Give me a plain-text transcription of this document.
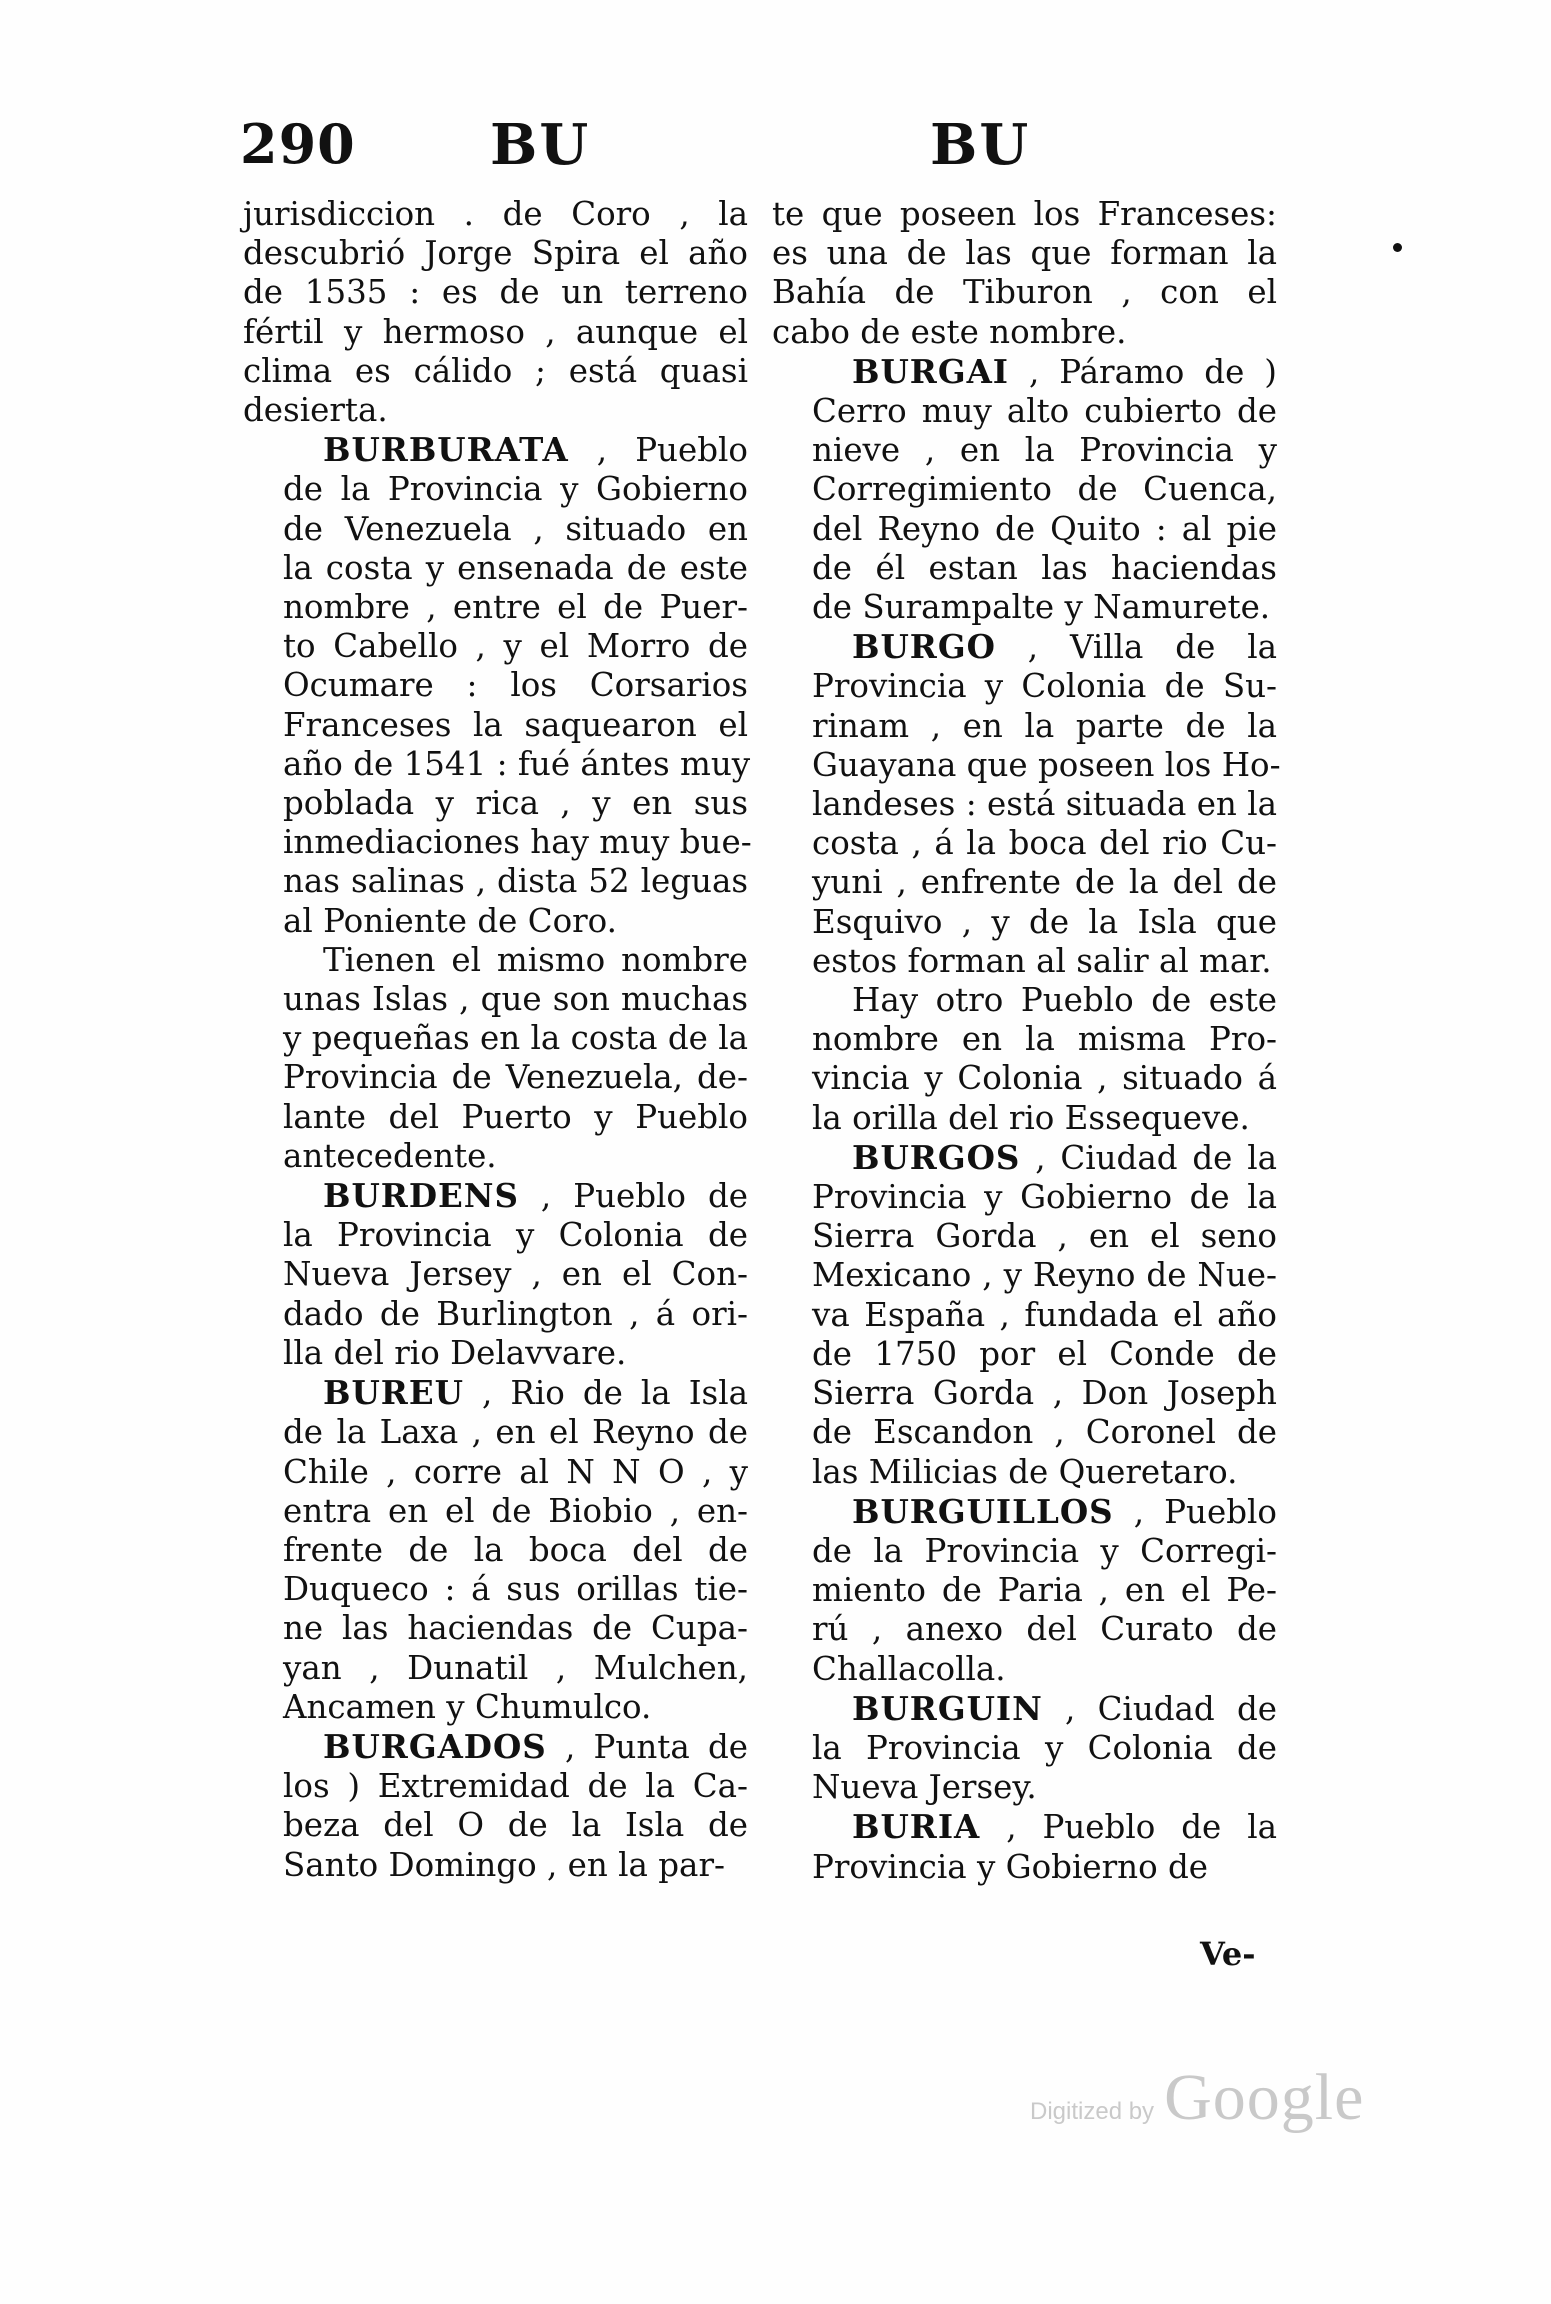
290 BU	BU
jurisdiccion . de Coro , la
descubrió Jorge Spira el año
de 1535 : es de un terreno
fértil y hermoso , aunque el
clima es cálido ; está quasi
desierta.
BURBURATA , Pueblo
de la Provincia y Gobierno
de Venezuela , situado en
la costa y ensenada de este
nombre , entre el de Puer-
to Cabello , y el Morro de
Ocumare : los Corsarios
Franceses la saquearon el
año de 1541 : fué ántes muy
poblada y rica , y en sus
inmediaciones hay muy bue-
nas salinas , dista 52 leguas
al Poniente de Coro.
Tienen el mismo nombre
unas Islas , que son muchas
y pequeñas en la costa de la
Provincia de Venezuela, de-
lante del Puerto y Pueblo
antecedente.
BURDENS , Pueblo de
la Provincia y Colonia de
Nueva Jersey , en el Con-
dado de Burlington , á ori-
lla del rio Delavvare.
BUREU , Rio de la Isla
de la Laxa , en el Reyno de
Chile , corre al N N O , y
entra en el de Biobio , en-
frente de la boca del de
Duqueco : á sus orillas tie-
ne las haciendas de Cupa-
yan , Dunatil , Mulchen,
Ancamen y Chumulco.
BURGADOS , Punta de
los ) Extremidad de la Ca-
beza del O de la Isla de
Santo Domingo , en la par-
te que poseen los Franceses:
es una de las que forman la
Bahía de Tiburon , con el
cabo de este nombre.
BURGAI , Páramo de )
Cerro muy alto cubierto de
nieve , en la Provincia y
Corregimiento de Cuenca,
del Reyno de Quito : al pie
de él estan las haciendas
de Surampalte y Namurete.
BURGO , Villa de la
Provincia y Colonia de Su-
rinam , en la parte de la
Guayana que poseen los Ho-
landeses : está situada en la
costa , á la boca del rio Cu-
yuni , enfrente de la del de
Esquivo , y de la Isla que
estos forman al salir al mar.
Hay otro Pueblo de este
nombre en la misma Pro-
vincia y Colonia , situado á
la orilla del rio Essequeve.
BURGOS , Ciudad de la
Provincia y Gobierno de la
Sierra Gorda , en el seno
Mexicano , y Reyno de Nue-
va España , fundada el año
de 1750 por el Conde de
Sierra Gorda , Don Joseph
de Escandon , Coronel de
las Milicias de Queretaro.
BURGUILLOS , Pueblo
de la Provincia y Corregi-
miento de Paria , en el Pe-
rú , anexo del Curato de
Challacolla.
BURGUIN , Ciudad de
la Provincia y Colonia de
Nueva Jersey.
BURIA , Pueblo de la
Provincia y Gobierno de
Ve-
Digitized by Google
